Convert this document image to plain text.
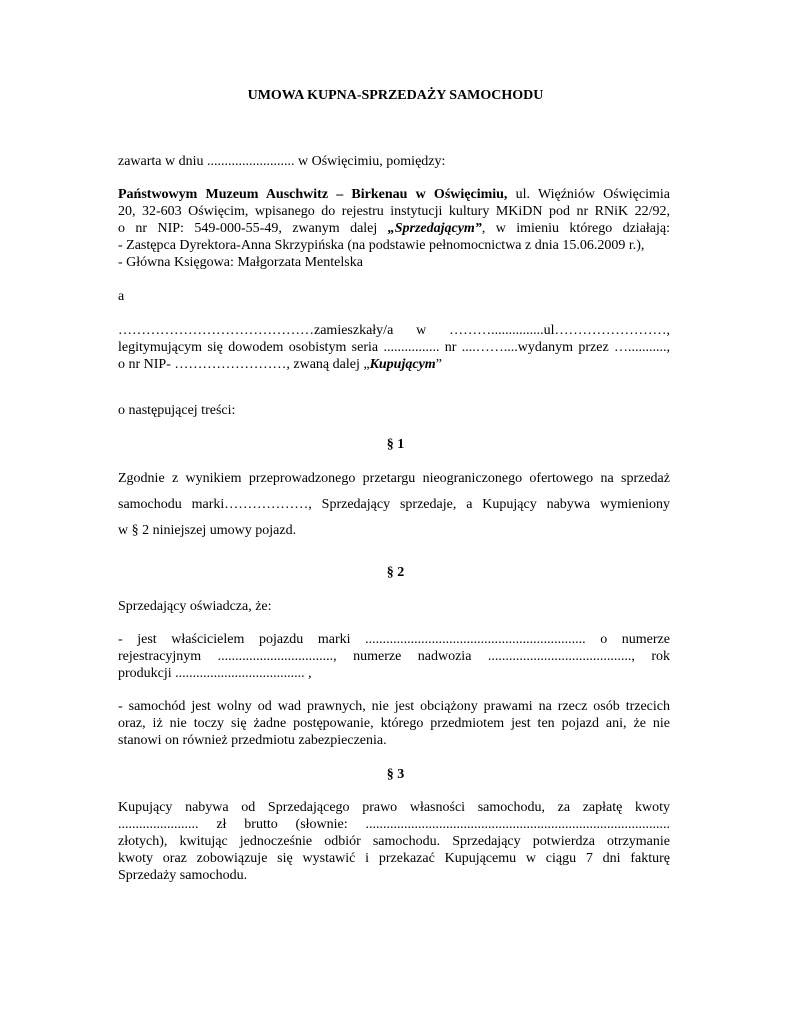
UMOWA KUPNA-SPRZEDAŻY SAMOCHODU
zawarta w dniu ......................... w Oświęcimiu, pomiędzy:
Państwowym Muzeum Auschwitz – Birkenau w Oświęcimiu, ul. Więźniów Oświęcimia
20, 32-603 Oświęcim, wpisanego do rejestru instytucji kultury MKiDN pod nr RNiK 22/92,
o nr NIP: 549-000-55-49, zwanym dalej „Sprzedającym”, w imieniu którego działają:
- Zastępca Dyrektora-Anna Skrzypińska (na podstawie pełnomocnictwa z dnia 15.06.2009 r.),
- Główna Księgowa: Małgorzata Mentelska
a
……………………………………zamieszkały/a w ………...............ul……………………,
legitymującym się dowodem osobistym seria ................ nr ....……....wydanym przez …...........,
o nr NIP- ……………………, zwaną dalej „Kupującym”
o następującej treści:
§ 1
Zgodnie z wynikiem przeprowadzonego przetargu nieograniczonego ofertowego na sprzedaż
samochodu marki………………, Sprzedający sprzedaje, a Kupujący nabywa wymieniony
w § 2 niniejszej umowy pojazd.
§ 2
Sprzedający oświadcza, że:
- jest właścicielem pojazdu marki ............................................................... o numerze
rejestracyjnym ................................., numerze nadwozia ........................................., rok
produkcji ..................................... ,
- samochód jest wolny od wad prawnych, nie jest obciążony prawami na rzecz osób trzecich
oraz, iż nie toczy się żadne postępowanie, którego przedmiotem jest ten pojazd ani, że nie
stanowi on również przedmiotu zabezpieczenia.
§ 3
Kupujący nabywa od Sprzedającego prawo własności samochodu, za zapłatę kwoty
....................... zł brutto (słownie: .......................................................................................
złotych), kwitując jednocześnie odbiór samochodu. Sprzedający potwierdza otrzymanie
kwoty oraz zobowiązuje się wystawić i przekazać Kupującemu w ciągu 7 dni fakturę
Sprzedaży samochodu.
